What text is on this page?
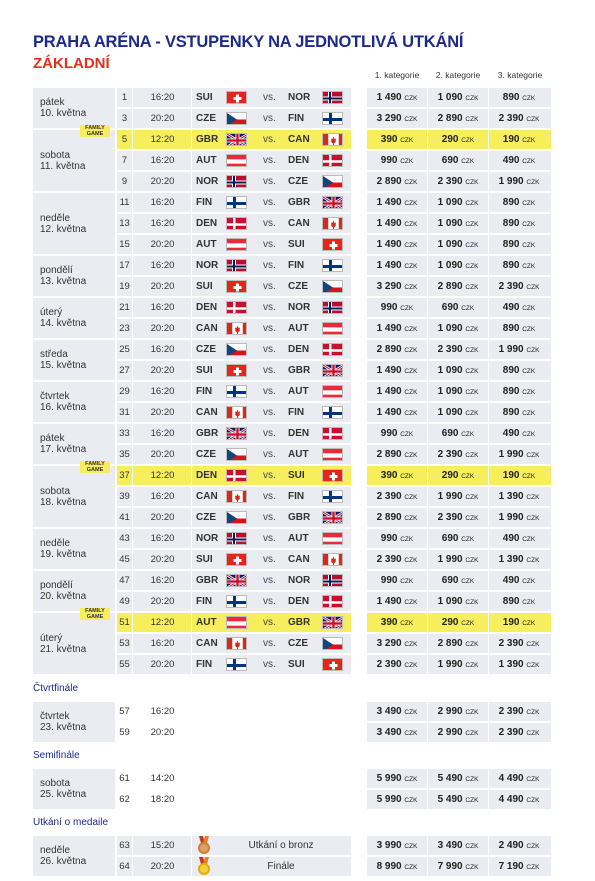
PRAHA ARÉNA - VSTUPENKY NA JEDNOTLIVÁ UTKÁNÍ
ZÁKLADNÍ
1. kategorie	2. kategorie	3. kategorie
pátek
10. května
1	16:20	SUI	vs. NOR	1 490 CZK	1 090 CZK	890 CZK
3	20:20	CZE	vs. FIN	3 290 CZK	2 890 CZK	2 390 CZK
sobota
11. května
5	12:20	GBR	vs. CAN	390 CZK	290 CZK	190 CZK
FAMILY
GAME
7	16:20	AUT	vs. DEN	990 CZK	690 CZK	490 CZK
9	20:20	NOR	vs. CZE	2 890 CZK	2 390 CZK	1 990 CZK
neděle
12. května
11	16:20	FIN	vs. GBR	1 490 CZK	1 090 CZK	890 CZK
13	16:20	DEN	vs. CAN	1 490 CZK	1 090 CZK	890 CZK
15	20:20	AUT	vs. SUI	1 490 CZK	1 090 CZK	890 CZK
pondělí
13. května
17	16:20	NOR	vs. FIN	1 490 CZK	1 090 CZK	890 CZK
19	20:20	SUI	vs. CZE	3 290 CZK	2 890 CZK	2 390 CZK
úterý
14. května
21	16:20	DEN	vs. NOR	990 CZK	690 CZK	490 CZK
23	20:20	CAN	vs. AUT	1 490 CZK	1 090 CZK	890 CZK
středa
15. května
25	16:20	CZE	vs. DEN	2 890 CZK	2 390 CZK	1 990 CZK
27	20:20	SUI	vs. GBR	1 490 CZK	1 090 CZK	890 CZK
čtvrtek
16. května
29	16:20	FIN	vs. AUT	1 490 CZK	1 090 CZK	890 CZK
31	20:20	CAN	vs. FIN	1 490 CZK	1 090 CZK	890 CZK
pátek
17. května
33	16:20	GBR	vs. DEN	990 CZK	690 CZK	490 CZK
35	20:20	CZE	vs. AUT	2 890 CZK	2 390 CZK	1 990 CZK
sobota
18. května
37	12:20	DEN	vs. SUI	390 CZK	290 CZK	190 CZK
FAMILY
GAME
39	16:20	CAN	vs. FIN	2 390 CZK	1 990 CZK	1 390 CZK
41	20:20	CZE	vs. GBR	2 890 CZK	2 390 CZK	1 990 CZK
neděle
19. května
43	16:20	NOR	vs. AUT	990 CZK	690 CZK	490 CZK
45	20:20	SUI	vs. CAN	2 390 CZK	1 990 CZK	1 390 CZK
pondělí
20. května
47	16:20	GBR	vs. NOR	990 CZK	690 CZK	490 CZK
49	20:20	FIN	vs. DEN	1 490 CZK	1 090 CZK	890 CZK
úterý
21. května
51	12:20	AUT	vs. GBR	390 CZK	290 CZK	190 CZK
FAMILY
GAME
53	16:20	CAN	vs. CZE	3 290 CZK	2 890 CZK	2 390 CZK
55	20:20	FIN	vs. SUI	2 390 CZK	1 990 CZK	1 390 CZK
Čtvrtfinále
čtvrtek
23. května
57	16:20	3 490 CZK	2 990 CZK	2 390 CZK
59	20:20	3 490 CZK	2 990 CZK	2 390 CZK
Semifinále
sobota
25. května
61	14:20	5 990 CZK	5 490 CZK	4 490 CZK
62	18:20	5 990 CZK	5 490 CZK	4 490 CZK
Utkání o medaile
neděle
26. května
63	15:20	Utkání o bronz	3 990 CZK	3 490 CZK	2 490 CZK
64	20:20	Finále	8 990 CZK	7 990 CZK	7 190 CZK
